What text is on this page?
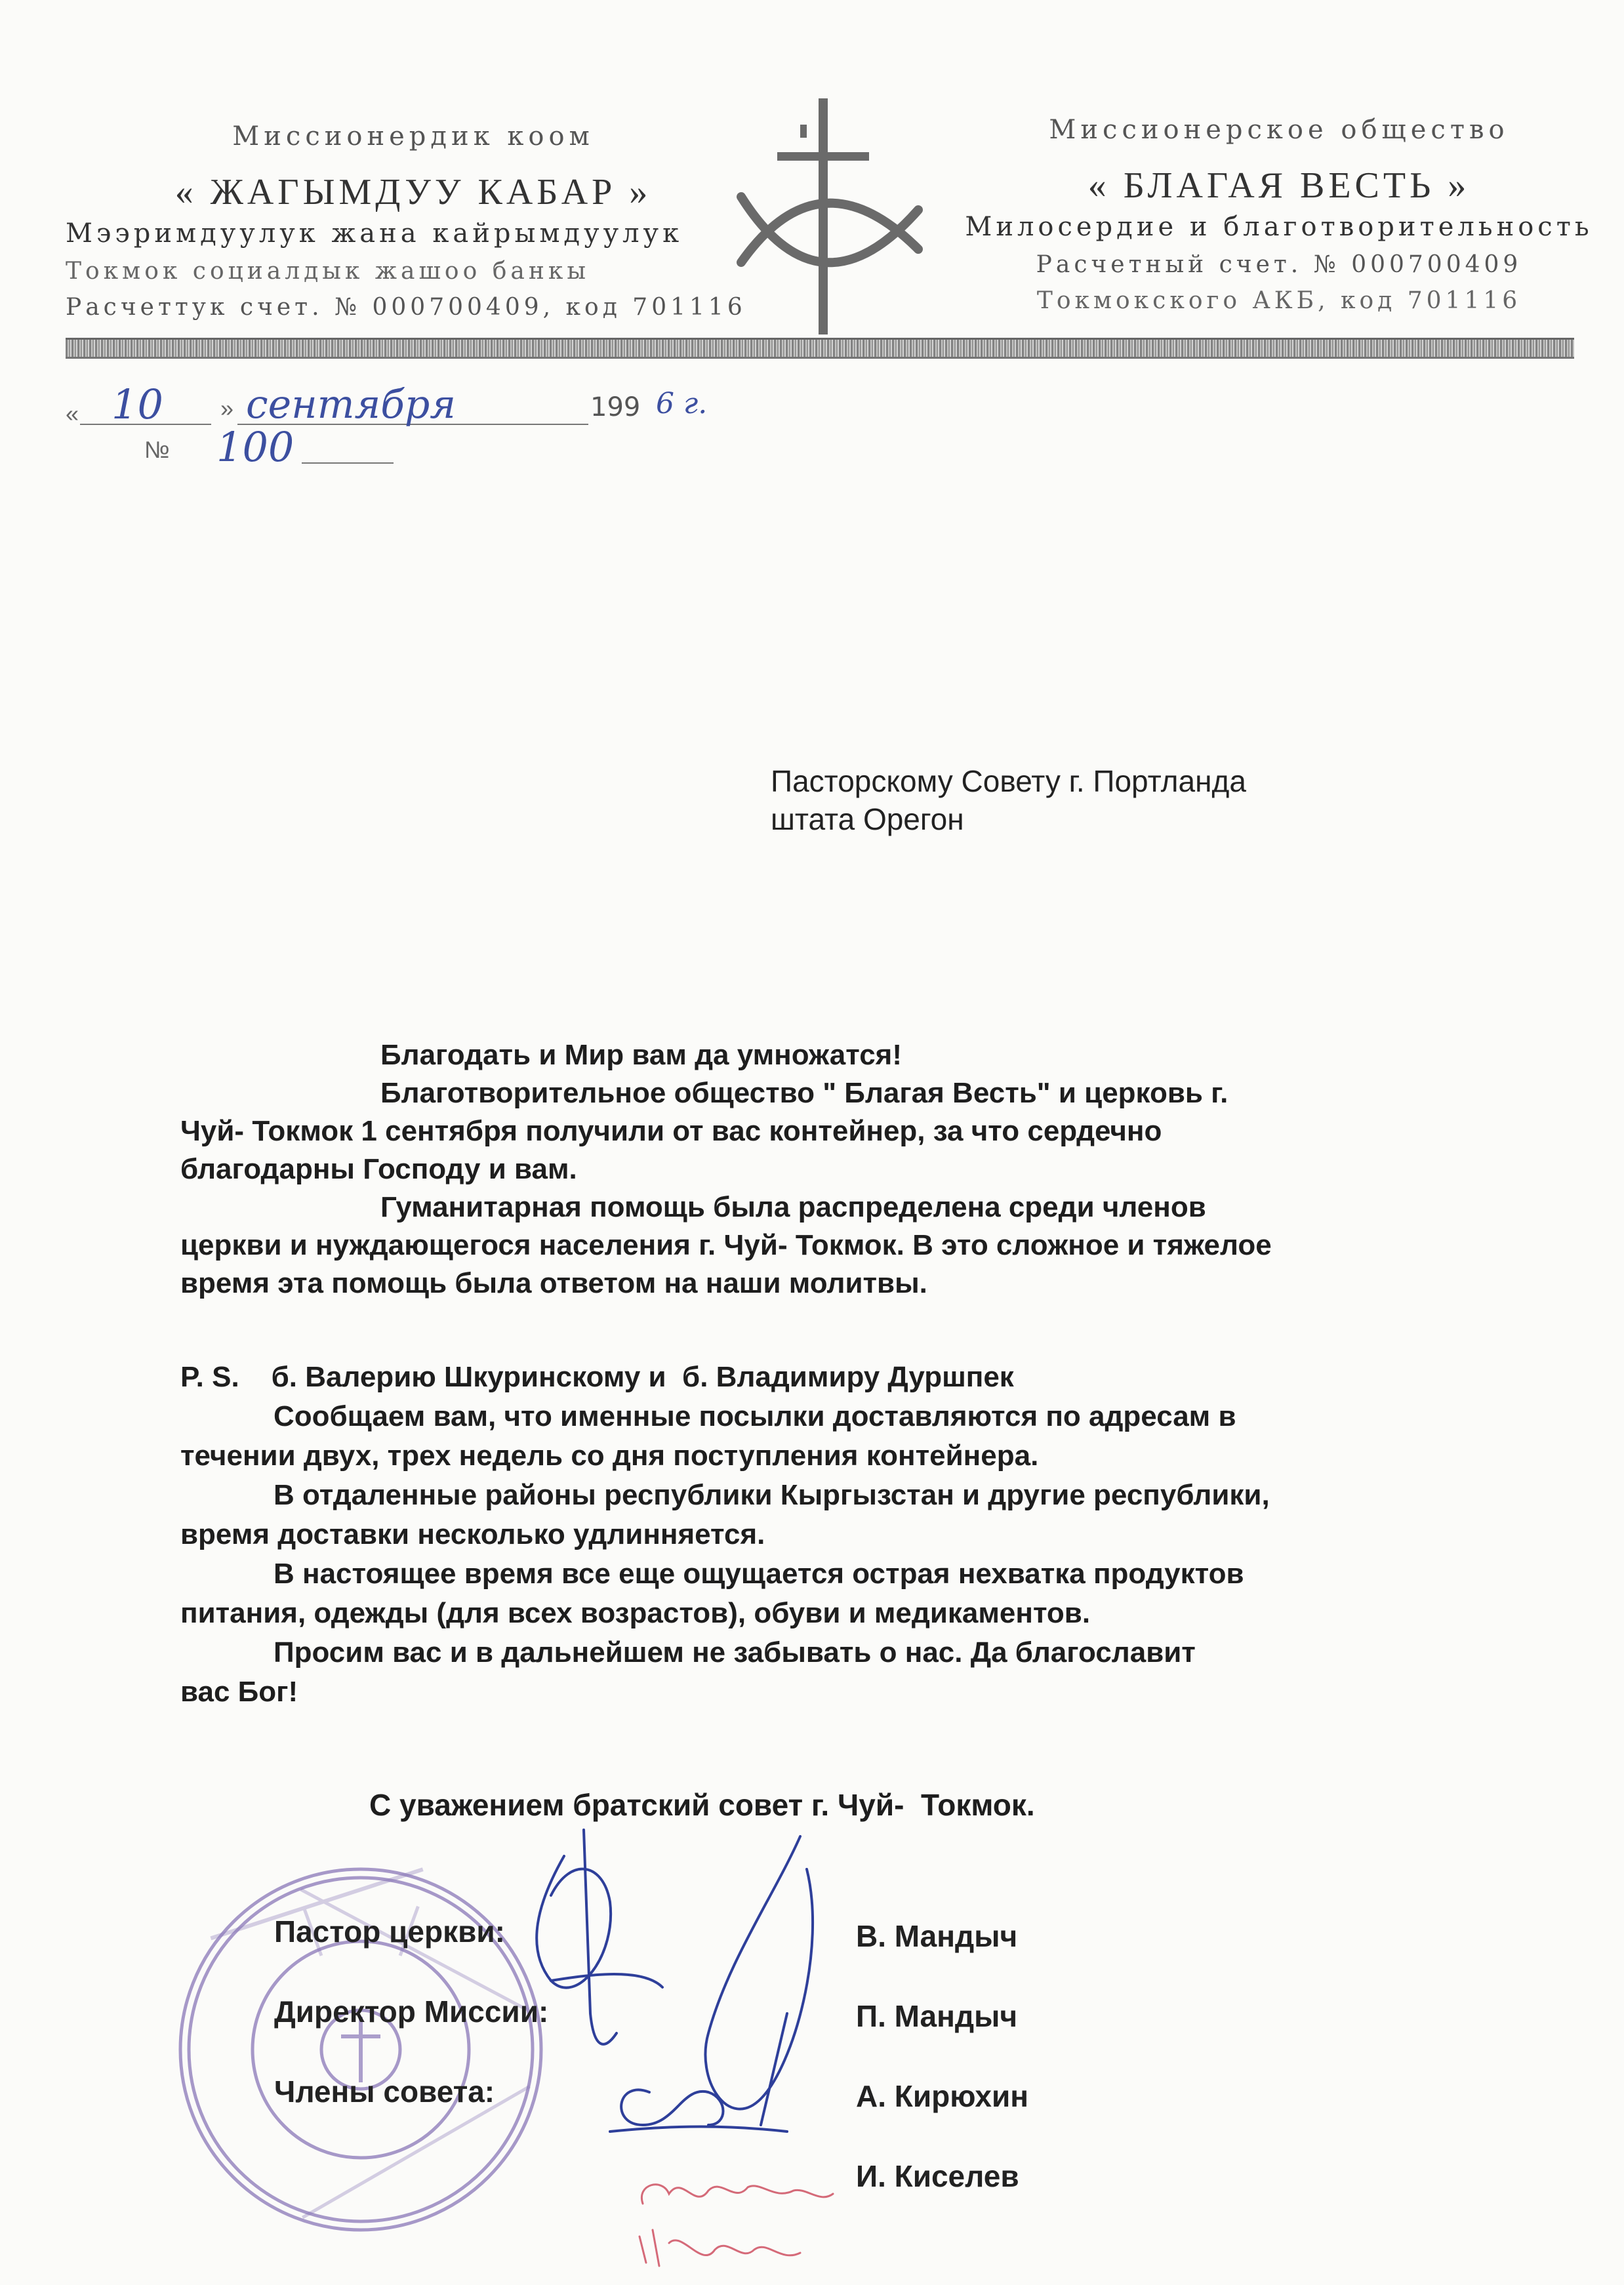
Миссионердик коом
« ЖАГЫМДУУ КАБАР »
Мээримдуулук жана кайрымдуулук
Токмок социалдык жашоо банкы
Расчеттук счет. № 000700409, код 701116
Миссионерское общество
« БЛАГАЯ ВЕСТЬ »
Милосердие и благотворительность
Расчетный счет. № 000700409
Токмокского АКБ, код 701116
« 10 » сентября	199 6 г.
№ 100
Пасторскому Совету г. Портланда
штата Орегон

Благодать и Мир вам да умножатся!

Благотворительное общество " Благая Весть" и церковь г.

Чуй- Токмок 1 сентября получили от вас контейнер, за что сердечно

благодарны Господу и вам.

Гуманитарная помощь была распределена среди членов

церкви и нуждающегося населения г. Чуй- Токмок. В это сложное и тяжелое

время эта помощь была ответом на наши молитвы.

P. S.    б. Валерию Шкуринскому и  б. Владимиру Дуршпек

Сообщаем вам, что именные посылки доставляются по адресам в

течении двух, трех недель со дня поступления контейнера.

В отдаленные районы республики Кыргызстан и другие республики,

время доставки несколько удлинняется.

В настоящее время все еще ощущается острая нехватка продуктов

питания, одежды (для всех возрастов), обуви и медикаментов.

Просим вас и в дальнейшем не забывать о нас. Да благославит

вас Бог!

С уважением братский совет г. Чуй-  Токмок.
Пастор церкви:	В. Мандыч
Директор Миссии:	П. Мандыч
Члены совета:	А. Кирюхин
И. Киселев
